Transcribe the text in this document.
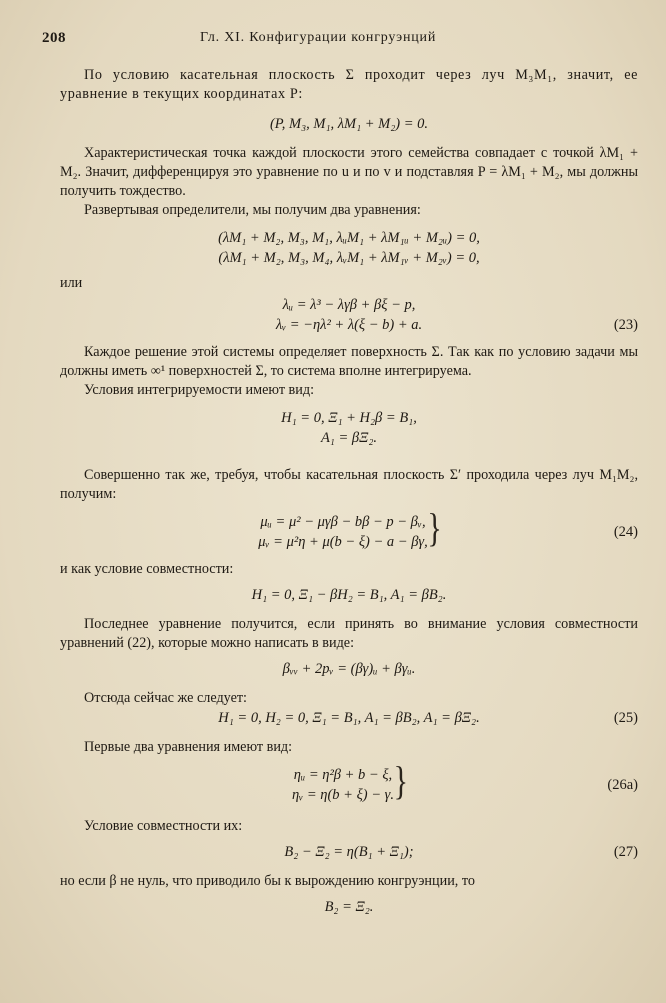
208	Гл. XI. Конфигурации конгруэнций

По условию касательная плоскость Σ проходит через луч M₃M₁, значит, ее уравнение в текущих координатах P:

(P, M₃, M₁, λM₁ + M₂) = 0.

Характеристическая точка каждой плоскости этого семейства совпадает с точкой λM₁ + M₂. Значит, дифференцируя это уравнение по u и по v и подставляя P = λM₁ + M₂, мы должны получить тождество.

Развертывая определители, мы получим два уравнения:

(λM₁ + M₂, M₃, M₁, λᵤM₁ + λM₁ᵤ + M₂ᵤ) = 0,
(λM₁ + M₂, M₃, M₄, λᵥM₁ + λM₁ᵥ + M₂ᵥ) = 0,

или

λᵤ = λ³ − λγβ + βξ − p,
λᵥ = −ηλ² + λ(ξ − b) + a.	(23)

Каждое решение этой системы определяет поверхность Σ. Так как по условию задачи мы должны иметь ∞¹ поверхностей Σ, то система вполне интегрируема.

Условия интегрируемости имеют вид:

H₁ = 0, Ξ₁ + H₂β = B₁,
A₁ = βΞ₂.

Совершенно так же, требуя, чтобы касательная плоскость Σ′ проходила через луч M₁M₂, получим:

μᵤ = μ² − μγβ − bβ − p − βᵥ,
μᵥ = μ²η + μ(b − ξ) − a − βγ, }	(24)

и как условие совместности:

H₁ = 0, Ξ₁ − βH₂ = B₁, A₁ = βB₂.

Последнее уравнение получится, если принять во внимание условия совместности уравнений (22), которые можно написать в виде:

βᵥᵥ + 2pᵥ = (βγ)ᵤ + βγᵤ.

Отсюда сейчас же следует:

H₁ = 0, H₂ = 0, Ξ₁ = B₁, A₁ = βB₂, A₁ = βΞ₂.	(25)

Первые два уравнения имеют вид:

ηᵤ = η²β + b − ξ,
ηᵥ = η(b + ξ) − γ. }	(26a)

Условие совместности их:

B₂ − Ξ₂ = η(B₁ + Ξ₁);	(27)

но если β не нуль, что приводило бы к вырождению конгруэнции, то

B₂ = Ξ₂.
